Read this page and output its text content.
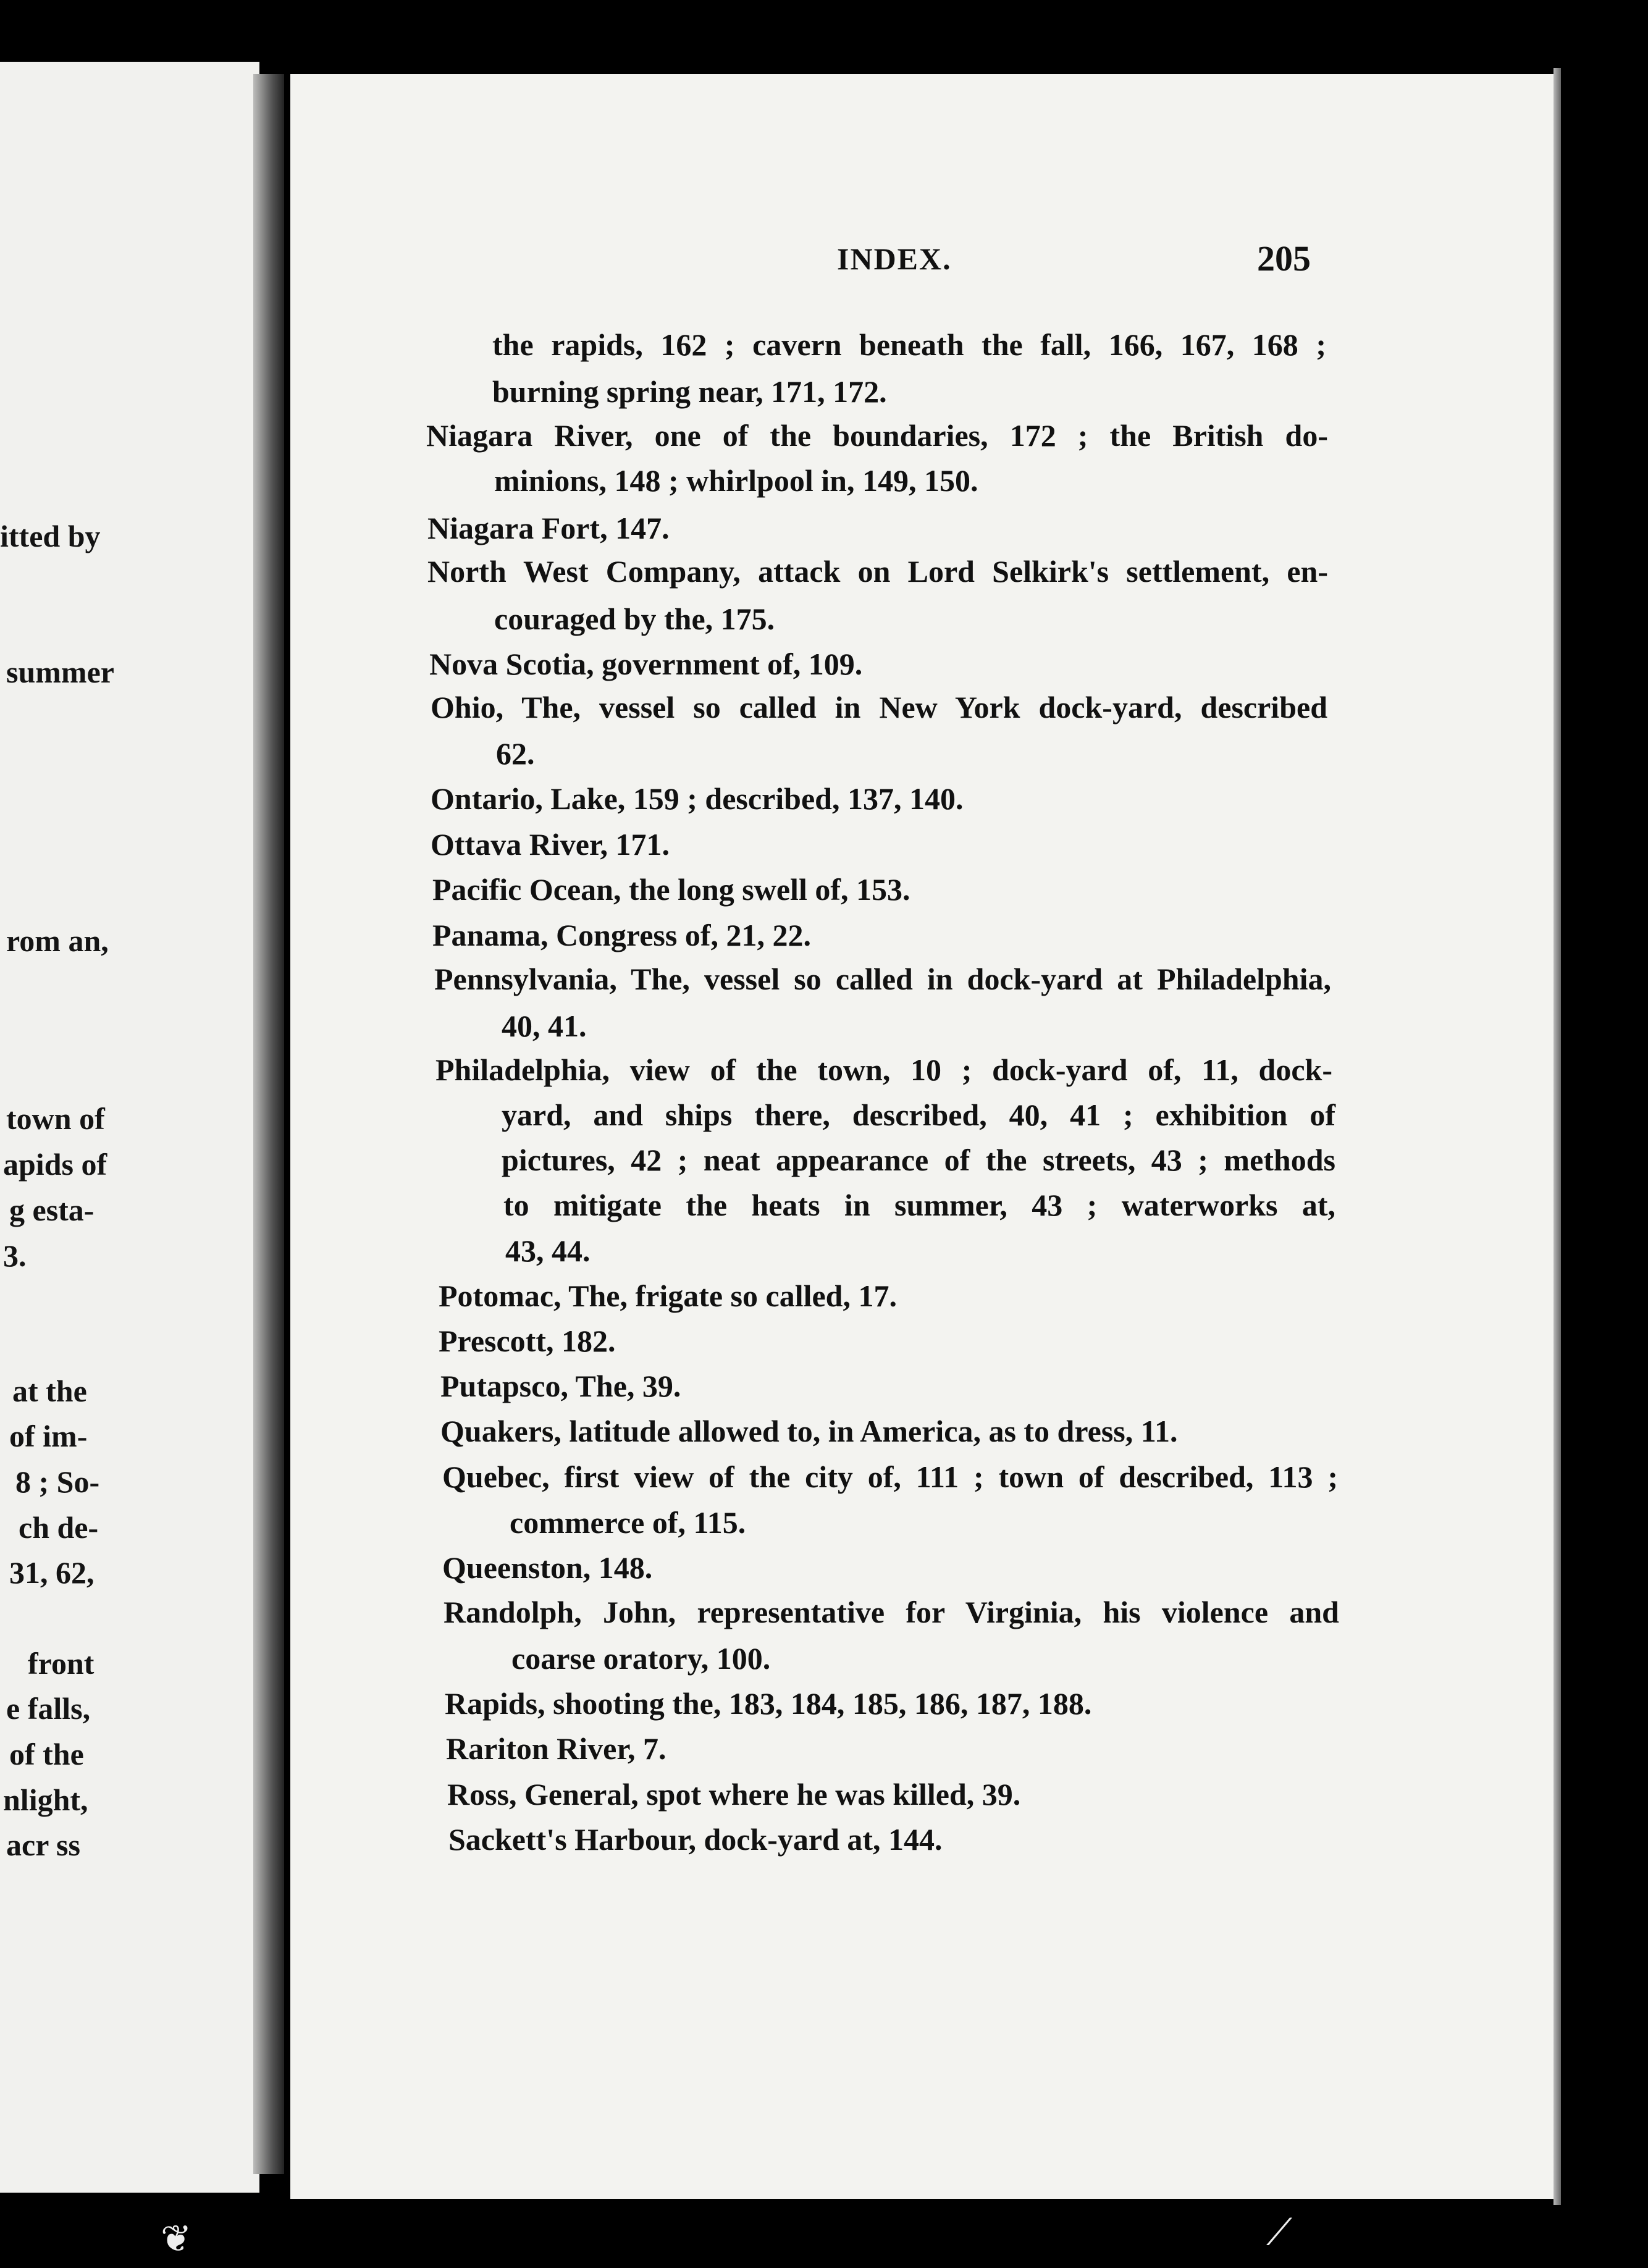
itted by
summer
rom an,
town of
apids of
g esta-
3.
at the
of im-
8 ; So-
ch de-
31, 62,
front
e falls,
of the
nlight,
acr ss
INDEX.	205
the rapids, 162 ; cavern beneath the fall, 166, 167, 168 ;
burning spring near, 171, 172.
Niagara River, one of the boundaries, 172 ; the British do-
minions, 148 ; whirlpool in, 149, 150.
Niagara Fort, 147.
North West Company, attack on Lord Selkirk's settlement, en-
couraged by the, 175.
Nova Scotia, government of, 109.
Ohio, The, vessel so called in New York dock-yard, described
62.
Ontario, Lake, 159 ; described, 137, 140.
Ottava River, 171.
Pacific Ocean, the long swell of, 153.
Panama, Congress of, 21, 22.
Pennsylvania, The, vessel so called in dock-yard at Philadelphia,
40, 41.
Philadelphia, view of the town, 10 ; dock-yard of, 11, dock-
yard, and ships there, described, 40, 41 ; exhibition of
pictures, 42 ; neat appearance of the streets, 43 ; methods
to mitigate the heats in summer, 43 ; waterworks at,
43, 44.
Potomac, The, frigate so called, 17.
Prescott, 182.
Putapsco, The, 39.
Quakers, latitude allowed to, in America, as to dress, 11.
Quebec, first view of the city of, 111 ; town of described, 113 ;
commerce of, 115.
Queenston, 148.
Randolph, John, representative for Virginia, his violence and
coarse oratory, 100.
Rapids, shooting the, 183, 184, 185, 186, 187, 188.
Rariton River, 7.
Ross, General, spot where he was killed, 39.
Sackett's Harbour, dock-yard at, 144.
❦	⟋
